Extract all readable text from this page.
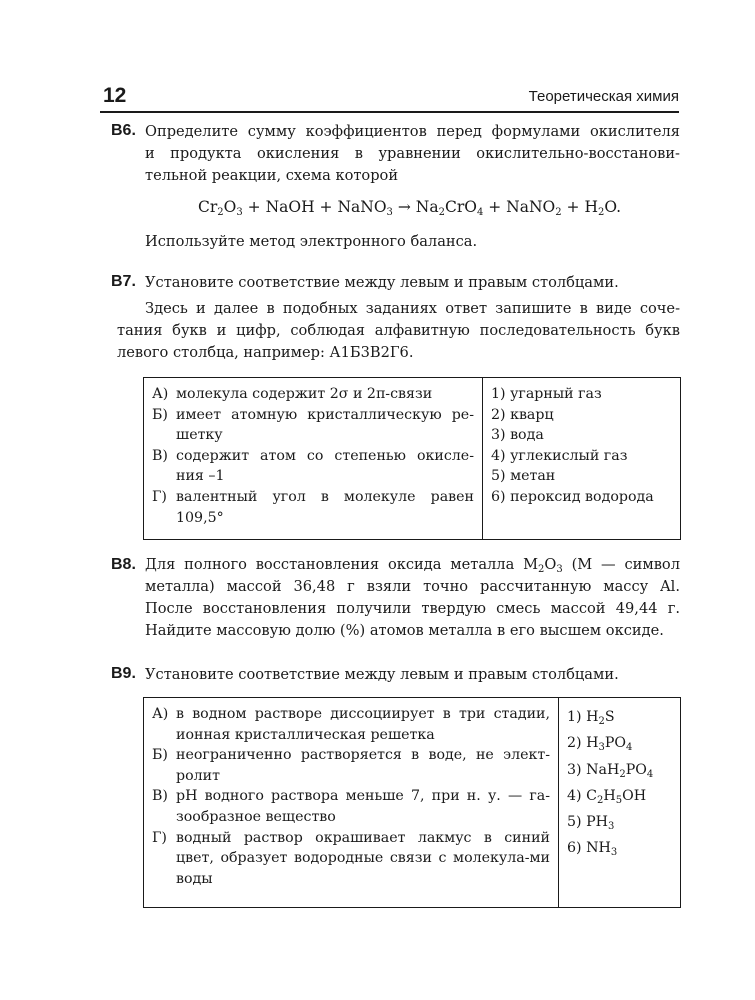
12	Теоретическая химия
В6. Определите сумму коэффициентов перед формулами окислителя
и продукта окисления в уравнении окислительно-восстанови-
тельной реакции, схема которой
$Cr_2O_3$ + NaOH + NaNO$_3$ → $Na_2CrO_4$ + NaNO$_2$ + $H_2O$.
Используйте метод электронного баланса.
В7. Установите соответствие между левым и правым столбцами.
Здесь и далее в подобных заданиях ответ запишите в виде соче-
тания букв и цифр, соблюдая алфавитную последовательность букв
левого столбца, например: А1Б3В2Г6.
А) молекула содержит 2σ и 2π-связи
Б) имеет атомную кристаллическую ре-шетку
В) содержит атом со степенью окисле-ния –1
Г) валентный угол в молекуле равен 109,5°

1) угарный газ
2) кварц
3) вода
4) углекислый газ
5) метан
6) пероксид водорода
В8. Для полного восстановления оксида металла $M_2O_3$ (M — символ
металла) массой 36,48 г взяли точно рассчитанную массу Al.
После восстановления получили твердую смесь массой 49,44 г.
Найдите массовую долю (%) атомов металла в его высшем оксиде.
В9. Установите соответствие между левым и правым столбцами.
А) в водном растворе диссоциирует в три стадии, ионная кристаллическая решетка
Б) неограниченно растворяется в воде, не элект-ролит
В) pH водного раствора меньше 7, при н. у. — га-зообразное вещество
Г) водный раствор окрашивает лакмус в синий цвет, образует водородные связи с молекула-ми воды

1) $H_2S$
2) $H_3PO_4$
3) $NaH_2PO_4$
4) $C_2H_5OH$
5) $PH_3$
6) $NH_3$
